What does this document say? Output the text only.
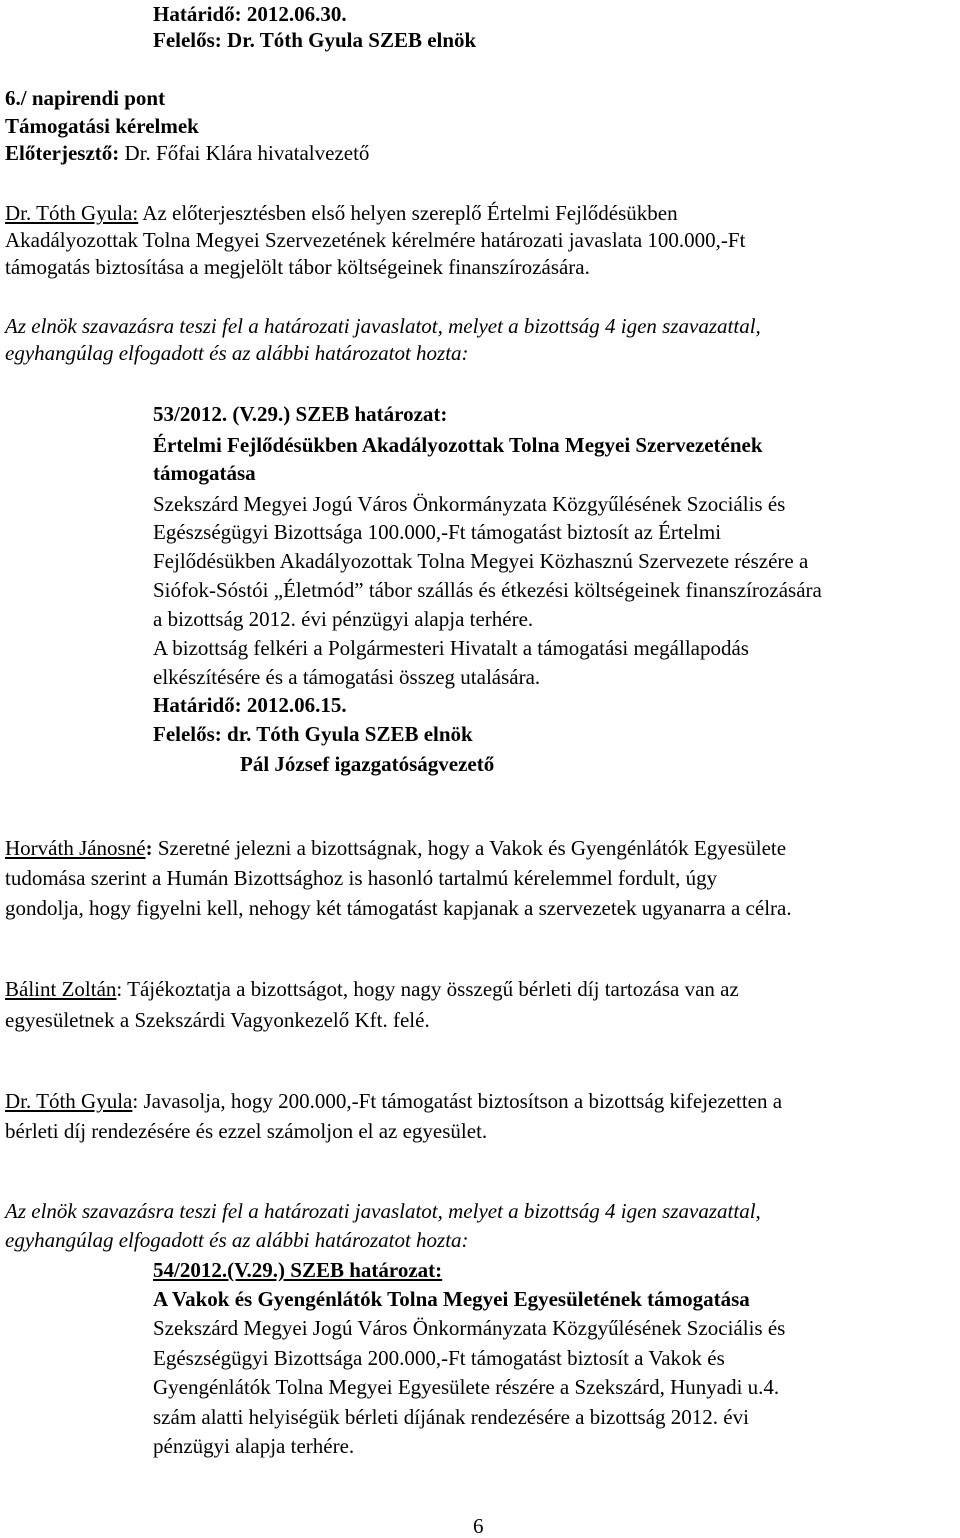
Határidő: 2012.06.30.
Felelős: Dr. Tóth Gyula SZEB elnök
6./ napirendi pont
Támogatási kérelmek
Előterjesztő: Dr. Főfai Klára hivatalvezető
Dr. Tóth Gyula: Az előterjesztésben első helyen szereplő Értelmi Fejlődésükben
Akadályozottak Tolna Megyei Szervezetének kérelmére határozati javaslata 100.000,-Ft
támogatás biztosítása a megjelölt tábor költségeinek finanszírozására.
Az elnök szavazásra teszi fel a határozati javaslatot, melyet a bizottság 4 igen szavazattal,
egyhangúlag elfogadott és az alábbi határozatot hozta:
53/2012. (V.29.) SZEB határozat:
Értelmi Fejlődésükben Akadályozottak Tolna Megyei Szervezetének
támogatása
Szekszárd Megyei Jogú Város Önkormányzata Közgyűlésének Szociális és
Egészségügyi Bizottsága 100.000,-Ft támogatást biztosít az Értelmi
Fejlődésükben Akadályozottak Tolna Megyei Közhasznú Szervezete részére a
Siófok-Sóstói „Életmód” tábor szállás és étkezési költségeinek finanszírozására
a bizottság 2012. évi pénzügyi alapja terhére.
A bizottság felkéri a Polgármesteri Hivatalt a támogatási megállapodás
elkészítésére és a támogatási összeg utalására.
Határidő: 2012.06.15.
Felelős: dr. Tóth Gyula SZEB elnök
Pál József igazgatóságvezető
Horváth Jánosné: Szeretné jelezni a bizottságnak, hogy a Vakok és Gyengénlátók Egyesülete
tudomása szerint a Humán Bizottsághoz is hasonló tartalmú kérelemmel fordult, úgy
gondolja, hogy figyelni kell, nehogy két támogatást kapjanak a szervezetek ugyanarra a célra.
Bálint Zoltán: Tájékoztatja a bizottságot, hogy nagy összegű bérleti díj tartozása van az
egyesületnek a Szekszárdi Vagyonkezelő Kft. felé.
Dr. Tóth Gyula: Javasolja, hogy 200.000,-Ft támogatást biztosítson a bizottság kifejezetten a
bérleti díj rendezésére és ezzel számoljon el az egyesület.
Az elnök szavazásra teszi fel a határozati javaslatot, melyet a bizottság 4 igen szavazattal,
egyhangúlag elfogadott és az alábbi határozatot hozta:
54/2012.(V.29.) SZEB határozat:
A Vakok és Gyengénlátók Tolna Megyei Egyesületének támogatása
Szekszárd Megyei Jogú Város Önkormányzata Közgyűlésének Szociális és
Egészségügyi Bizottsága 200.000,-Ft támogatást biztosít a Vakok és
Gyengénlátók Tolna Megyei Egyesülete részére a Szekszárd, Hunyadi u.4.
szám alatti helyiségük bérleti díjának rendezésére a bizottság 2012. évi
pénzügyi alapja terhére.
6
